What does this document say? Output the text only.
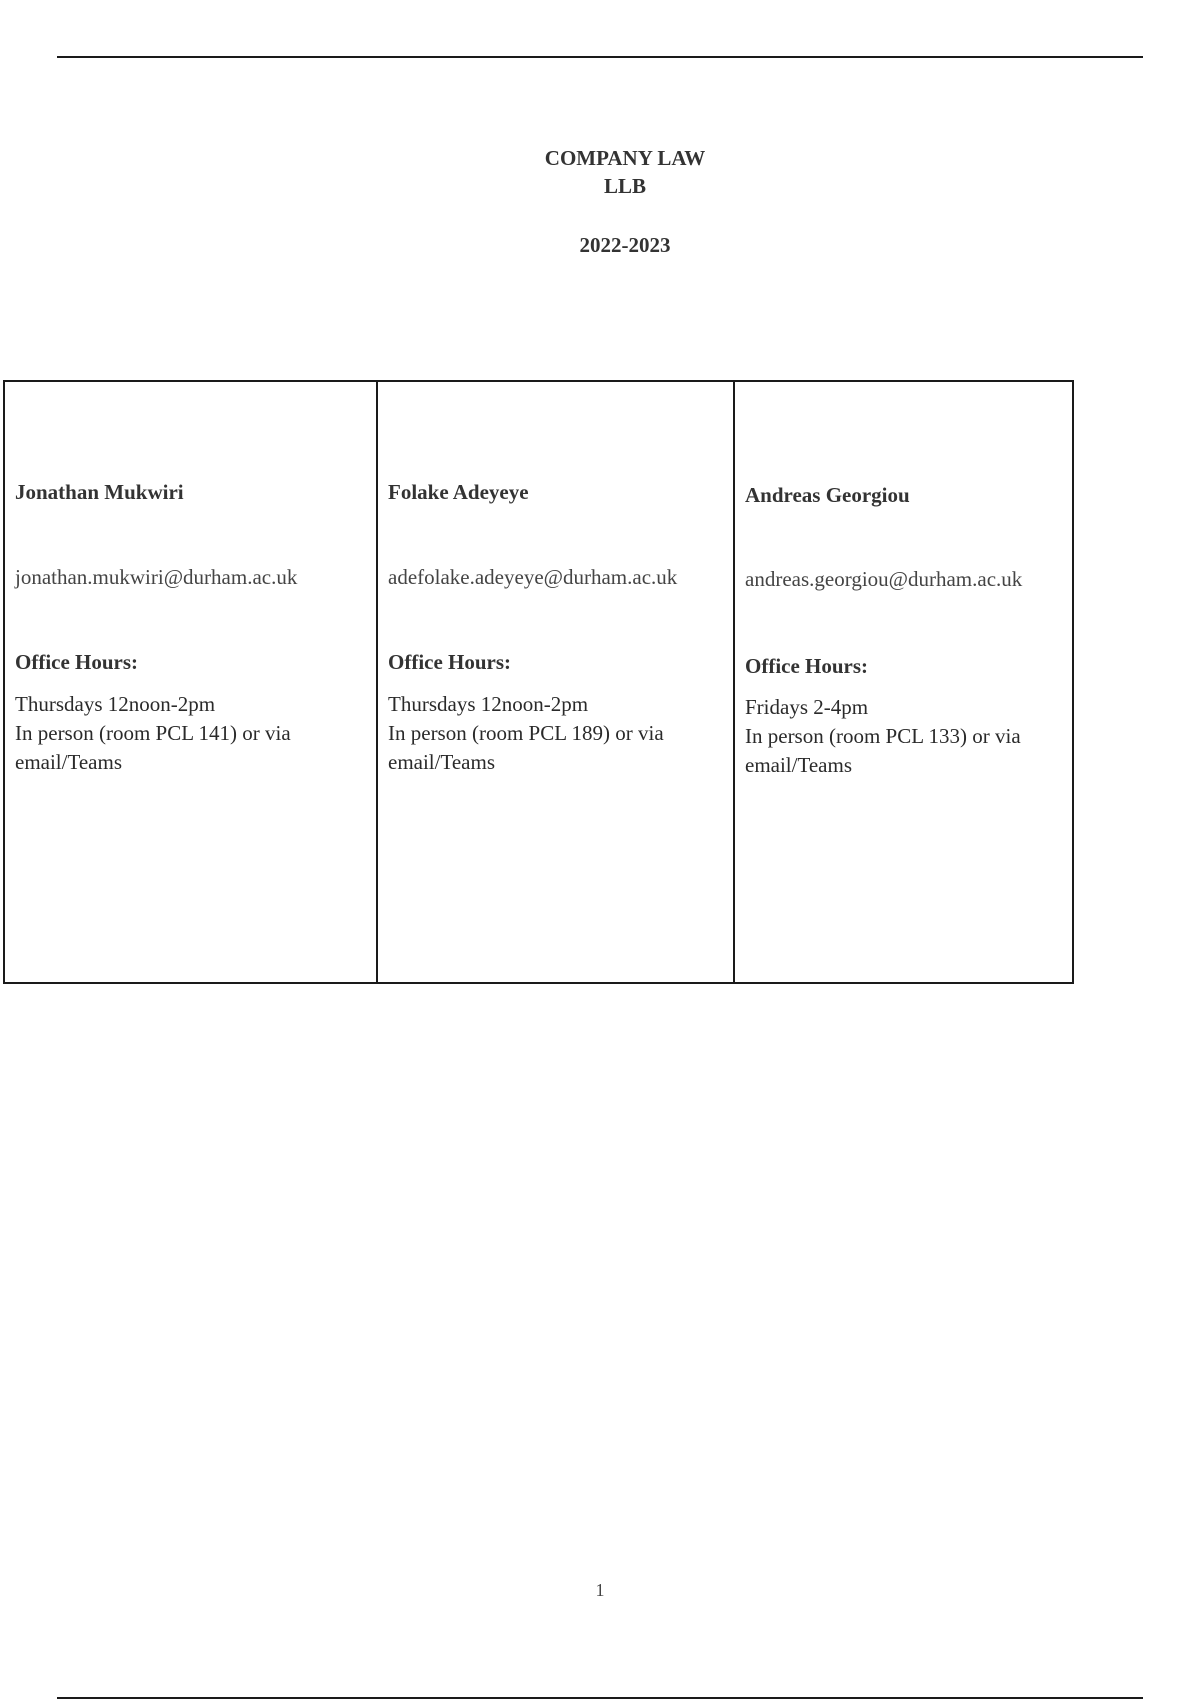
COMPANY LAW
LLB
2022-2023
Jonathan Mukwiri
jonathan.mukwiri@durham.ac.uk
Office Hours:
Thursdays 12noon-2pm
In person (room PCL 141) or via
email/Teams
Folake Adeyeye
adefolake.adeyeye@durham.ac.uk
Office Hours:
Thursdays 12noon-2pm
In person (room PCL 189) or via
email/Teams
Andreas Georgiou
andreas.georgiou@durham.ac.uk
Office Hours:
Fridays 2-4pm
In person (room PCL 133) or via
email/Teams
1
